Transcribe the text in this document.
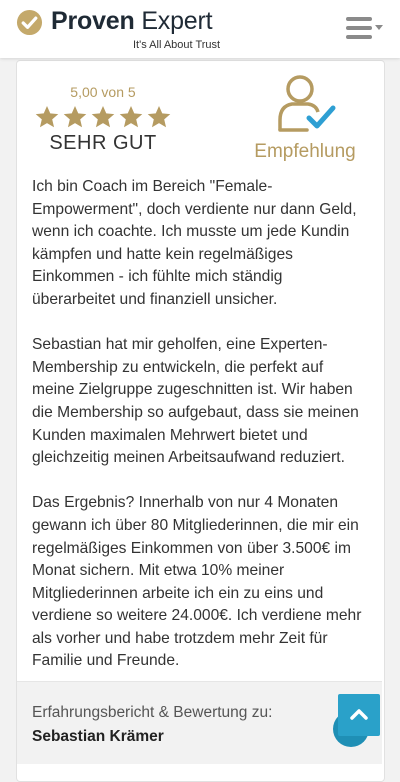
Proven Expert
It's All About Trust
5,00 von 5
SEHR GUT	Empfehlung

Ich bin Coach im Bereich "Female-Empowerment", doch verdiente nur dann Geld, wenn ich coachte. Ich musste um jede Kundin kämpfen und hatte kein regelmäßiges Einkommen - ich fühlte mich ständig überarbeitet und finanziell unsicher.

Sebastian hat mir geholfen, eine Experten-Membership zu entwickeln, die perfekt auf meine Zielgruppe zugeschnitten ist. Wir haben die Membership so aufgebaut, dass sie meinen Kunden maximalen Mehrwert bietet und gleichzeitig meinen Arbeitsaufwand reduziert.

Das Ergebnis? Innerhalb von nur 4 Monaten gewann ich über 80 Mitgliederinnen, die mir ein regelmäßiges Einkommen von über 3.500€ im Monat sichern. Mit etwa 10% meiner Mitgliederinnen arbeite ich ein zu eins und verdiene so weitere 24.000€. Ich verdiene mehr als vorher und habe trotzdem mehr Zeit für Familie und Freunde.

Erfahrungsbericht & Bewertung zu:
Sebastian Krämer
